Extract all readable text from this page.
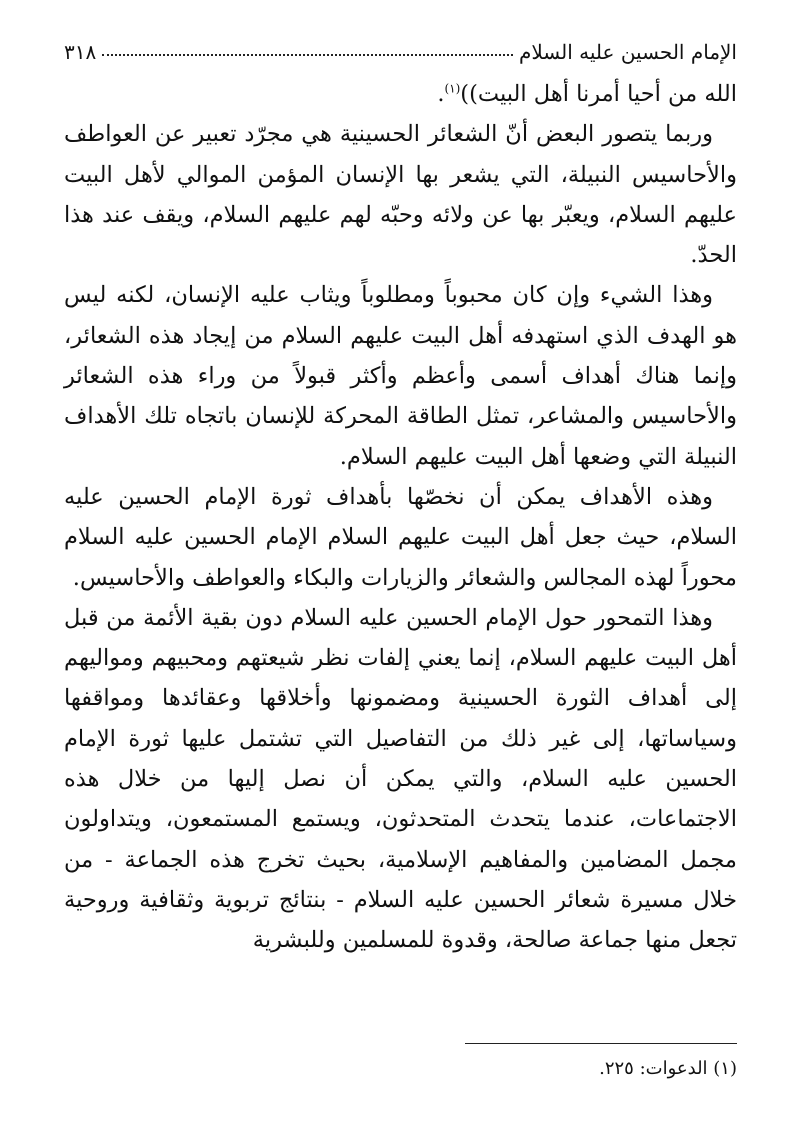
الإمام الحسين عليه السلام
٣١٨

الله من أحيا أمرنا أهل البيت))$^{(١)}$.

وربما يتصور البعض أنّ الشعائر الحسينية هي مجرّد تعبير عن العواطف والأحاسيس النبيلة، التي يشعر بها الإنسان المؤمن الموالي لأهل البيت عليهم السلام، ويعبّر بها عن ولائه وحبّه لهم عليهم السلام، ويقف عند هذا الحدّ.

وهذا الشيء وإن كان محبوباً ومطلوباً ويثاب عليه الإنسان، لكنه ليس هو الهدف الذي استهدفه أهل البيت عليهم السلام من إيجاد هذه الشعائر، وإنما هناك أهداف أسمى وأعظم وأكثر قبولاً من وراء هذه الشعائر والأحاسيس والمشاعر، تمثل الطاقة المحركة للإنسان باتجاه تلك الأهداف النبيلة التي وضعها أهل البيت عليهم السلام.

وهذه الأهداف يمكن أن نخصّها بأهداف ثورة الإمام الحسين عليه السلام، حيث جعل أهل البيت عليهم السلام الإمام الحسين عليه السلام محوراً لهذه المجالس والشعائر والزيارات والبكاء والعواطف والأحاسيس.

وهذا التمحور حول الإمام الحسين عليه السلام دون بقية الأئمة من قبل أهل البيت عليهم السلام، إنما يعني إلفات نظر شيعتهم ومحبيهم ومواليهم إلى أهداف الثورة الحسينية ومضمونها وأخلاقها وعقائدها ومواقفها وسياساتها، إلى غير ذلك من التفاصيل التي تشتمل عليها ثورة الإمام الحسين عليه السلام، والتي يمكن أن نصل إليها من خلال هذه الاجتماعات، عندما يتحدث المتحدثون، ويستمع المستمعون، ويتداولون مجمل المضامين والمفاهيم الإسلامية، بحيث تخرج هذه الجماعة - من خلال مسيرة شعائر الحسين عليه السلام - بنتائج تربوية وثقافية وروحية تجعل منها جماعة صالحة، وقدوة للمسلمين وللبشرية

(١) الدعوات: ٢٢٥.
